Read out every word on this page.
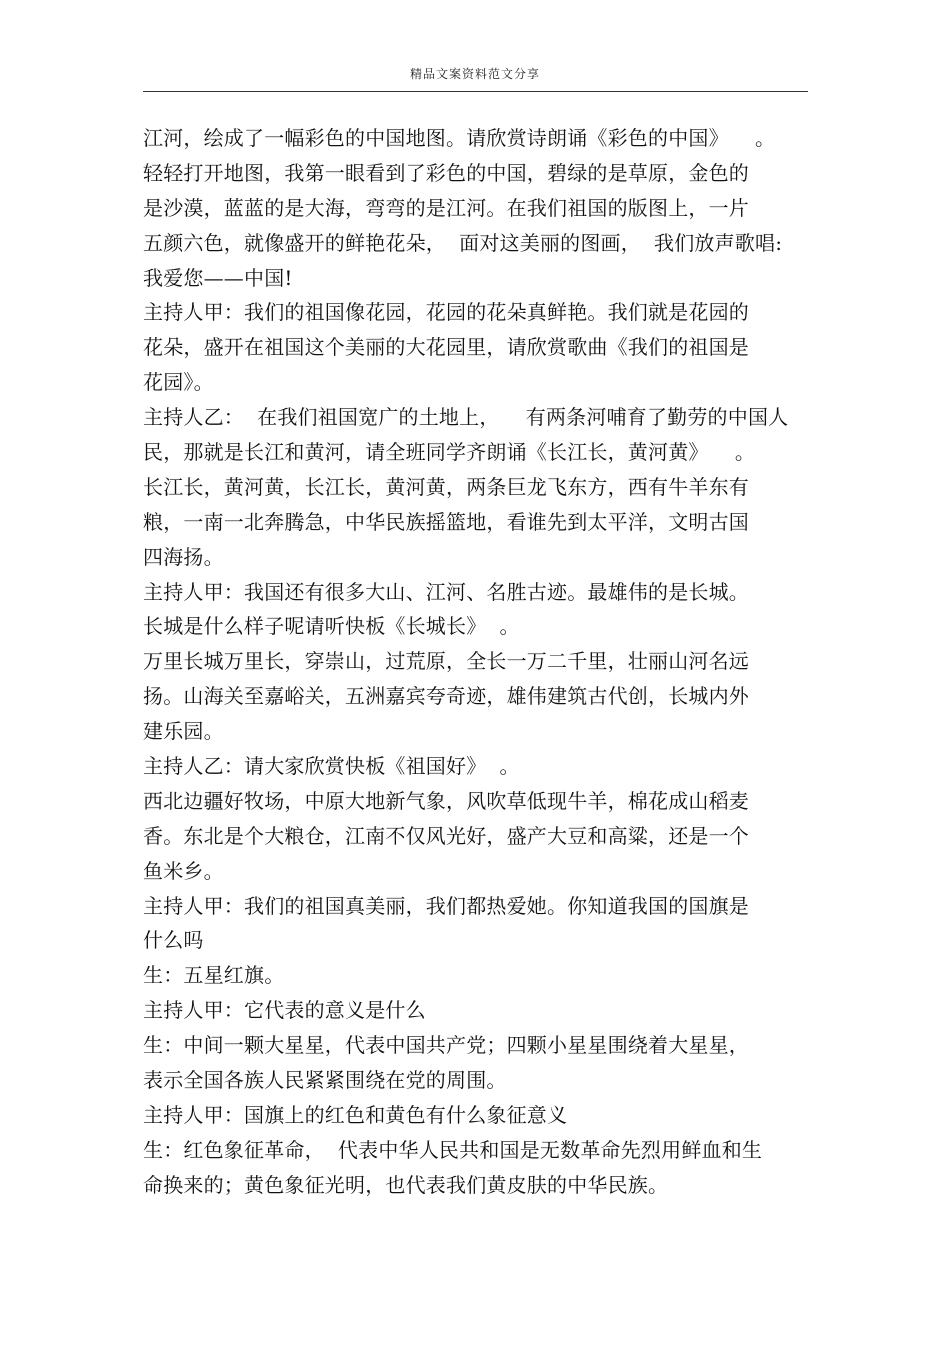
精品文案资料范文分享
江河，绘成了一幅彩色的中国地图。请欣赏诗朗诵《彩色的中国》    。
轻轻打开地图，我第一眼看到了彩色的中国，碧绿的是草原，金色的
是沙漠，蓝蓝的是大海，弯弯的是江河。在我们祖国的版图上，一片
五颜六色，就像盛开的鲜艳花朵，  面对这美丽的图画，  我们放声歌唱:
我爱您——中国!
主持人甲：我们的祖国像花园，花园的花朵真鲜艳。我们就是花园的
花朵，盛开在祖国这个美丽的大花园里，请欣赏歌曲《我们的祖国是
花园》。
主持人乙：  在我们祖国宽广的土地上，    有两条河哺育了勤劳的中国人
民，那就是长江和黄河，请全班同学齐朗诵《长江长，黄河黄》    。
长江长，黄河黄，长江长，黄河黄，两条巨龙飞东方，西有牛羊东有
粮，一南一北奔腾急，中华民族摇篮地，看谁先到太平洋，文明古国
四海扬。
主持人甲：我国还有很多大山、江河、名胜古迹。最雄伟的是长城。
长城是什么样子呢请听快板《长城长》  。
万里长城万里长，穿崇山，过荒原，全长一万二千里，壮丽山河名远
扬。山海关至嘉峪关，五洲嘉宾夸奇迹，雄伟建筑古代创，长城内外
建乐园。
主持人乙：请大家欣赏快板《祖国好》  。
西北边疆好牧场，中原大地新气象，风吹草低现牛羊，棉花成山稻麦
香。东北是个大粮仓，江南不仅风光好，盛产大豆和高粱，还是一个
鱼米乡。
主持人甲：我们的祖国真美丽，我们都热爱她。你知道我国的国旗是
什么吗
生：五星红旗。
主持人甲：它代表的意义是什么
生：中间一颗大星星，代表中国共产党；四颗小星星围绕着大星星，
表示全国各族人民紧紧围绕在党的周围。
主持人甲：国旗上的红色和黄色有什么象征意义
生：红色象征革命，  代表中华人民共和国是无数革命先烈用鲜血和生
命换来的；黄色象征光明，也代表我们黄皮肤的中华民族。
